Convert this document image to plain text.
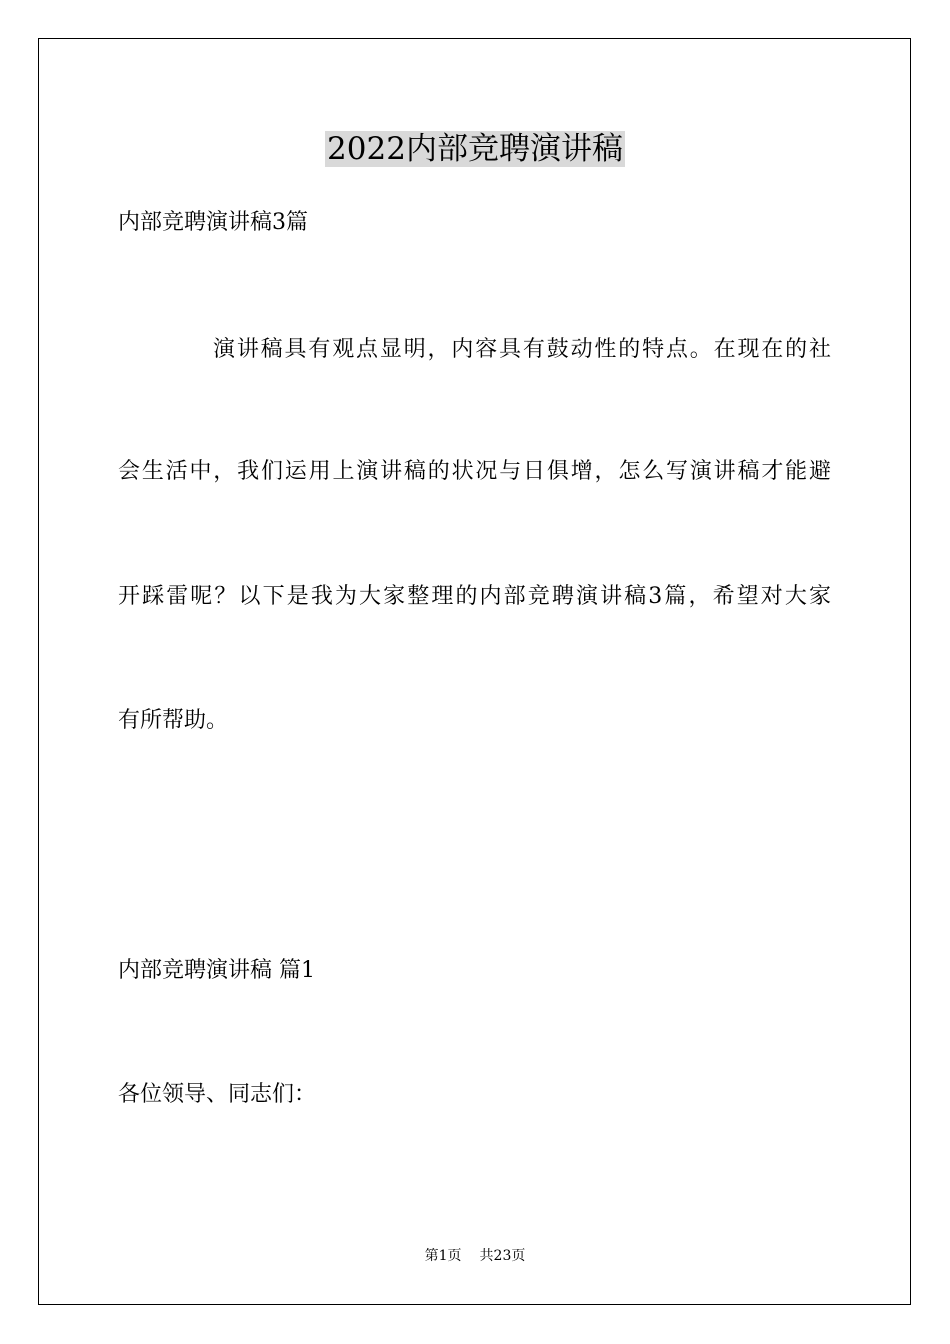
2022内部竞聘演讲稿
内部竞聘演讲稿3篇
演讲稿具有观点显明，内容具有鼓动性的特点。在现在的社
会生活中，我们运用上演讲稿的状况与日俱增，怎么写演讲稿才能避
开踩雷呢？以下是我为大家整理的内部竞聘演讲稿3篇，希望对大家
有所帮助。
内部竞聘演讲稿 篇1
各位领导、同志们：
第1页 共23页
